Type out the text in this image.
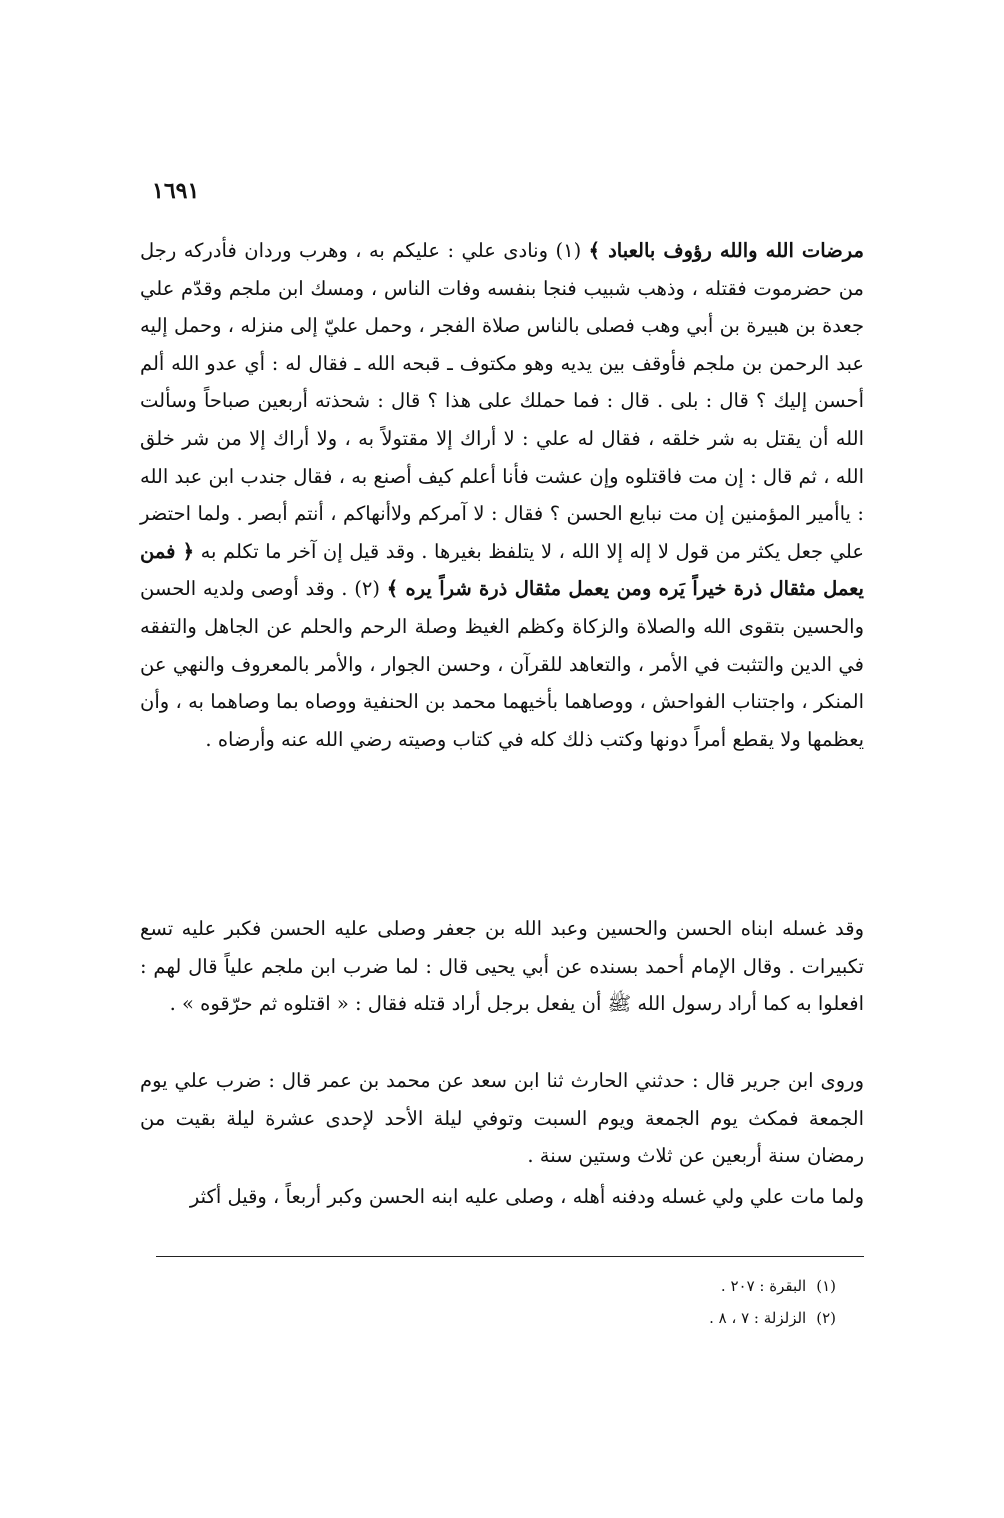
١٦٩١

مرضات الله والله رؤوف بالعباد ﴾ (١) ونادى علي : عليكم به ، وهرب وردان فأدركه رجل من حضرموت فقتله ، وذهب شبيب فنجا بنفسه وفات الناس ، ومسك ابن ملجم وقدّم علي جعدة بن هبيرة بن أبي وهب فصلى بالناس صلاة الفجر ، وحمل عليّ إلى منزله ، وحمل إليه عبد الرحمن بن ملجم فأوقف بين يديه وهو مكتوف ـ قبحه الله ـ فقال له : أي عدو الله ألم أحسن إليك ؟ قال : بلى . قال : فما حملك على هذا ؟ قال : شحذته أربعين صباحاً وسألت الله أن يقتل به شر خلقه ، فقال له علي : لا أراك إلا مقتولاً به ، ولا أراك إلا من شر خلق الله ، ثم قال : إن مت فاقتلوه وإن عشت فأنا أعلم كيف أصنع به ، فقال جندب ابن عبد الله : ياأمير المؤمنين إن مت نبايع الحسن ؟ فقال : لا آمركم ولاأنهاكم ، أنتم أبصر . ولما احتضر علي جعل يكثر من قول لا إله إلا الله ، لا يتلفظ بغيرها . وقد قيل إن آخر ما تكلم به ﴿ فمن يعمل مثقال ذرة خيراً يَره ومن يعمل مثقال ذرة شراً يره ﴾ (٢) . وقد أوصى ولديه الحسن والحسين بتقوى الله والصلاة والزكاة وكظم الغيظ وصلة الرحم والحلم عن الجاهل والتفقه في الدين والتثبت في الأمر ، والتعاهد للقرآن ، وحسن الجوار ، والأمر بالمعروف والنهي عن المنكر ، واجتناب الفواحش ، ووصاهما بأخيهما محمد بن الحنفية ووصاه بما وصاهما به ، وأن يعظمها ولا يقطع أمراً دونها وكتب ذلك كله في كتاب وصيته رضي الله عنه وأرضاه .

وقد غسله ابناه الحسن والحسين وعبد الله بن جعفر وصلى عليه الحسن فكبر عليه تسع تكبيرات . وقال الإمام أحمد بسنده عن أبي يحيى قال : لما ضرب ابن ملجم علياً قال لهم : افعلوا به كما أراد رسول الله ﷺ أن يفعل برجل أراد قتله فقال : « اقتلوه ثم حرّقوه » .

وروى ابن جرير قال : حدثني الحارث ثنا ابن سعد عن محمد بن عمر قال : ضرب علي يوم الجمعة فمكث يوم الجمعة ويوم السبت وتوفي ليلة الأحد لإحدى عشرة ليلة بقيت من رمضان سنة أربعين عن ثلاث وستين سنة .

ولما مات علي ولي غسله ودفنه أهله ، وصلى عليه ابنه الحسن وكبر أربعاً ، وقيل أكثر

(١)البقرة : ٢٠٧ .
(٢)الزلزلة : ٧ ، ٨ .
